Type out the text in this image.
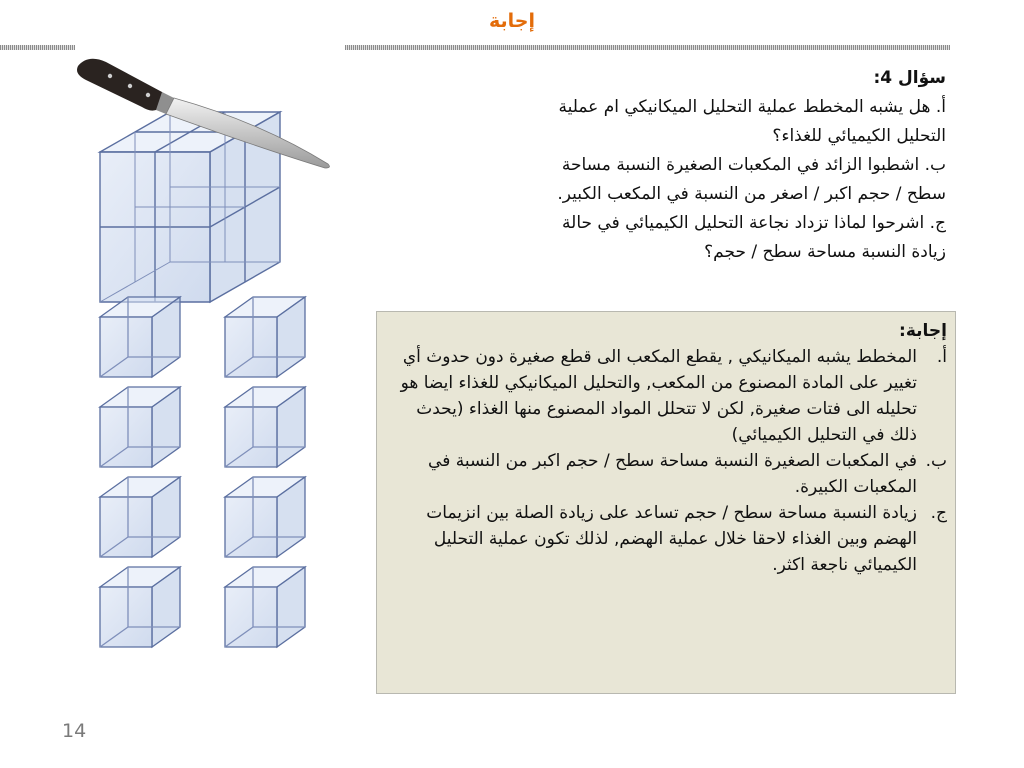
إجابة
سؤال 4:
أ. هل يشبه المخطط عملية التحليل الميكانيكي ام عملية
التحليل الكيميائي للغذاء؟
ب. اشطبوا الزائد في المكعبات الصغيرة النسبة مساحة
سطح / حجم اكبر / اصغر من النسبة في المكعب الكبير.
ج. اشرحوا لماذا تزداد نجاعة التحليل الكيميائي في حالة
زيادة النسبة مساحة سطح / حجم؟
إجابة:
أ.
المخطط يشبه الميكانيكي , يقطع المكعب الى قطع صغيرة دون حدوث أي تغيير على المادة المصنوع من المكعب, والتحليل الميكانيكي للغذاء ايضا هو تحليله الى فتات صغيرة, لكن لا تتحلل المواد المصنوع منها الغذاء (يحدث ذلك في التحليل الكيميائي)
ب.
في المكعبات الصغيرة النسبة مساحة سطح / حجم اكبر من النسبة في المكعبات الكبيرة.
ج.
زيادة النسبة مساحة سطح / حجم تساعد على زيادة الصلة بين انزيمات الهضم وبين الغذاء لاحقا خلال عملية الهضم, لذلك تكون عملية التحليل الكيميائي ناجعة اكثر.
14
